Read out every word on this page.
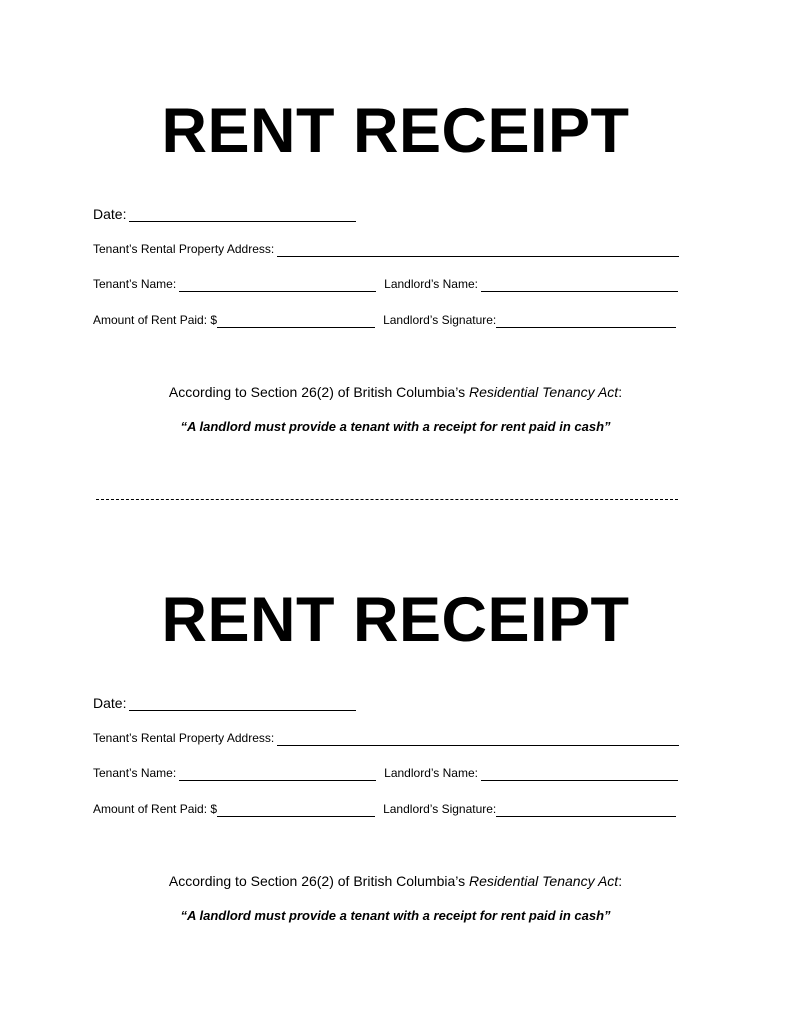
RENT RECEIPT
Date:
Tenant’s Rental Property Address:
Tenant’s Name:	Landlord’s Name:
Amount of Rent Paid: $	Landlord’s Signature:
According to Section 26(2) of British Columbia’s Residential Tenancy Act:
“A landlord must provide a tenant with a receipt for rent paid in cash”
RENT RECEIPT
Date:
Tenant’s Rental Property Address:
Tenant’s Name:	Landlord’s Name:
Amount of Rent Paid: $	Landlord’s Signature:
According to Section 26(2) of British Columbia’s Residential Tenancy Act:
“A landlord must provide a tenant with a receipt for rent paid in cash”
